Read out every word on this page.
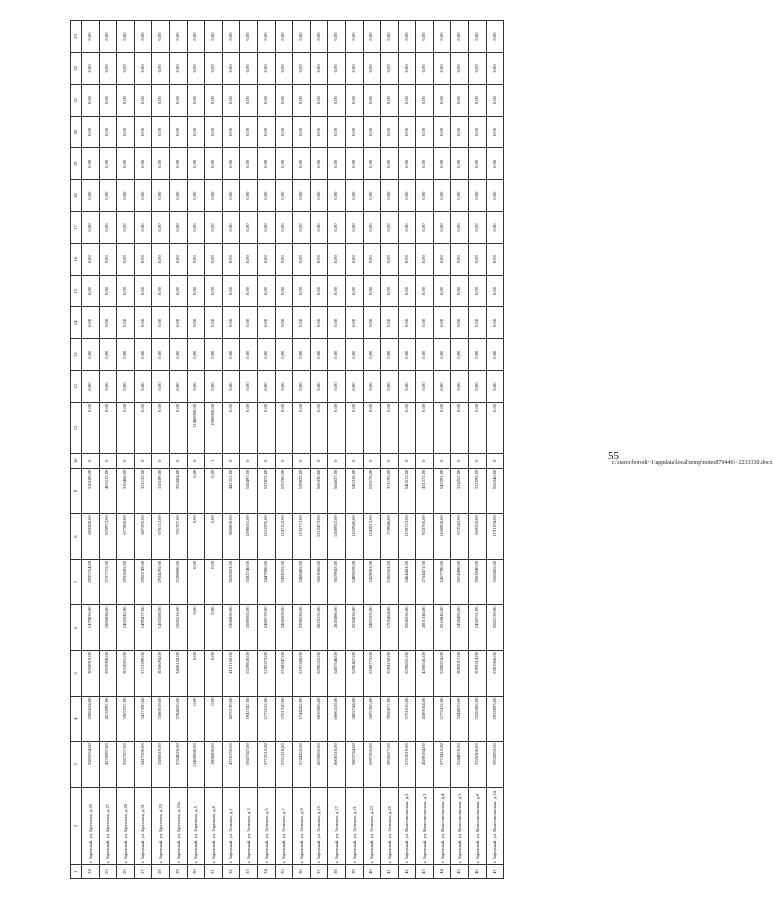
55
c:\users\borodi~1\appdata\local\temp\notes879446\~2233330.docx
1	2	3	4	5	6	7	8	9	10	11	12	13	14	15	16	17	18	19	20	21	22	23
24	г. Заречный, ул. Братская, д.26	3385634,00	3385634,00	3050919,00	1479826,00	2935754,00	683280,00	318189,00	0	0,00	0,00	0,00	0,00	0,00	0,00	0,00	0,00	0,00	0,00	0,00	0,00	0,00
25	г. Заречный, ул. Братская, д.27	4276997,00	4276997,00	3919908,00	1880838,00	3757715,00	855973,00	402112,00	0	0,00	0,00	0,00	0,00	0,00	0,00	0,00	0,00	0,00	0,00	0,00	0,00	0,00
26	г. Заречный, ул. Братская, д.28	3367557,00	3367557,00	3010921,00	1483342,00	2932685,00	677980,00	316468,00	0	0,00	0,00	0,00	0,00	0,00	0,00	0,00	0,00	0,00	0,00	0,00	0,00	0,00
27	г. Заречный, ул. Братская, д.31	3417590,00	3417590,00	3712299,00	1499477,00	2956749,00	687595,00	321132,00	0	0,00	0,00	0,00	0,00	0,00	0,00	0,00	0,00	0,00	0,00	0,00	0,00	0,00
28	г. Заречный, ул. Братская, д.33	3386019,00	3386019,00	3056694,00	1465588,00	2924295,00	676112,00	318189,00	0	0,00	0,00	0,00	0,00	0,00	0,00	0,00	0,00	0,00	0,00	0,00	0,00	0,00
29	г. Заречный, ул. Братская, д.33а	3784626,00	3784626,00	3460158,00	1685216,00	3338980,00	761787,00	355684,00	0	0,00	0,00	0,00	0,00	0,00	0,00	0,00	0,00	0,00	0,00	0,00	0,00	0,00
30	г. Заречный, ул. Заречная, д.5	11400000,00	0,00	0,00	0,00	0,00	0,00	0,00	6	11400000,00	0,00	0,00	0,00	0,00	0,00	0,00	0,00	0,00	0,00	0,00	0,00	0,00
31	г. Заречный, ул. Заречная, д.8	1900000,00	0,00	0,00	0,00	0,00	0,00	0,00	1	1900000,00	0,00	0,00	0,00	0,00	0,00	0,00	0,00	0,00	0,00	0,00	0,00	0,00
32	г. Заречный, ул. Зеленая, д.1	4376139,00	4376139,00	4121150,00	1960850,00	2620623,00	885800,00	441251,00	0	0,00	0,00	0,00	0,00	0,00	0,00	0,00	0,00	0,00	0,00	0,00	0,00	0,00
33	г. Заречный, ул. Зеленая, д.3	5947347,00	5947347,00	5329828,00	2589365,00	3582740,00	1198635,00	558497,00	0	0,00	0,00	0,00	0,00	0,00	0,00	0,00	0,00	0,00	0,00	0,00	0,00	0,00
34	г. Заречный, ул. Зеленая, д.5	5772512,00	5772512,00	5195373,00	2489179,00	3447980,00	1151595,00	537873,00	0	0,00	0,00	0,00	0,00	0,00	0,00	0,00	0,00	0,00	0,00	0,00	0,00	0,00
35	г. Заречный, ул. Зеленая, д.7	5701318,00	5701318,00	5188347,00	2466509,00	3434355,00	1147153,00	535786,00	0	0,00	0,00	0,00	0,00	0,00	0,00	0,00	0,00	0,00	0,00	0,00	0,00	0,00
36	г. Заречный, ул. Зеленая, д.9	5744262,00	5744262,00	5197288,00	2390520,00	3468405,00	1135773,00	539822,00	0	0,00	0,00	0,00	0,00	0,00	0,00	0,00	0,00	0,00	0,00	0,00	0,00	0,00
37	г. Заречный, ул. Зеленая, д.15	6035065,00	6035065,00	5296555,00	2625155,00	3653066,00	1212473,00	566330,00	0	0,00	0,00	0,00	0,00	0,00	0,00	0,00	0,00	0,00	0,00	0,00	0,00	0,00
38	г. Заречный, ул. Зеленая, д.17	6006318,00	6006318,00	5407548,00	2620496,00	3619947,00	1208922,00	564637,00	0	0,00	0,00	0,00	0,00	0,00	0,00	0,00	0,00	0,00	0,00	0,00	0,00	0,00
39	г. Заречный, ул. Зеленая, д.21	5802744,00	5802744,00	5290407,00	2536836,00	3499639,00	1165940,00	545316,00	0	0,00	0,00	0,00	0,00	0,00	0,00	0,00	0,00	0,00	0,00	0,00	0,00	0,00
40	г. Заречный, ул. Зеленая, д.23	5697365,00	5697365,00	5188773,00	2483105,00	3429063,00	1145813,00	535176,00	0	0,00	0,00	0,00	0,00	0,00	0,00	0,00	0,00	0,00	0,00	0,00	0,00	0,00
41	г. Заречный, ул. Зеленая, д.25	3926677,00	3926677,00	3594150,00	1705454,00	2366563,00	778946,00	371195,00	0	0,00	0,00	0,00	0,00	0,00	0,00	0,00	0,00	0,00	0,00	0,00	0,00	0,00
42	г. Заречный, ул. Комсомольская, д.2	5751016,00	5751016,00	5298831,00	2568536,00	3464463,00	1159723,00	540513,00	0	0,00	0,00	0,00	0,00	0,00	0,00	0,00	0,00	0,00	0,00	0,00	0,00	0,00
43	г. Заречный, ул. Комсомольская, д.3	4589184,00	4589184,00	4208541,00	2001346,00	2764471,00	923766,00	431272,00	0	0,00	0,00	0,00	0,00	0,00	0,00	0,00	0,00	0,00	0,00	0,00	0,00	0,00
44	г. Заречный, ул. Комсомольская, д.4	5773412,00	5773412,00	5208374,00	2516845,00	3417790,00	1166858,00	542591,00	0	0,00	0,00	0,00	0,00	0,00	0,00	0,00	0,00	0,00	0,00	0,00	0,00	0,00
45	г. Заречный, ул. Комсомольская, д.5	3344070,00	3344070,00	3092017,00	1458495,00	2014490,00	672543,00	314252,00	0	0,00	0,00	0,00	0,00	0,00	0,00	0,00	0,00	0,00	0,00	0,00	0,00	0,00
46	г. Заречный, ул. Комсомольская, д.8	3326306,00	3326306,00	3093314,00	1450751,00	2003840,00	669250,00	312592,00	0	0,00	0,00	0,00	0,00	0,00	0,00	0,00	0,00	0,00	0,00	0,00	0,00	0,00
47	г. Заречный, ул. Комсомольская, д.14	5932093,00	5932093,00	5381966,00	2582139,00	3566455,00	1191194,00	556346,00	0	0,00	0,00	0,00	0,00	0,00	0,00	0,00	0,00	0,00	0,00	0,00	0,00	0,00
